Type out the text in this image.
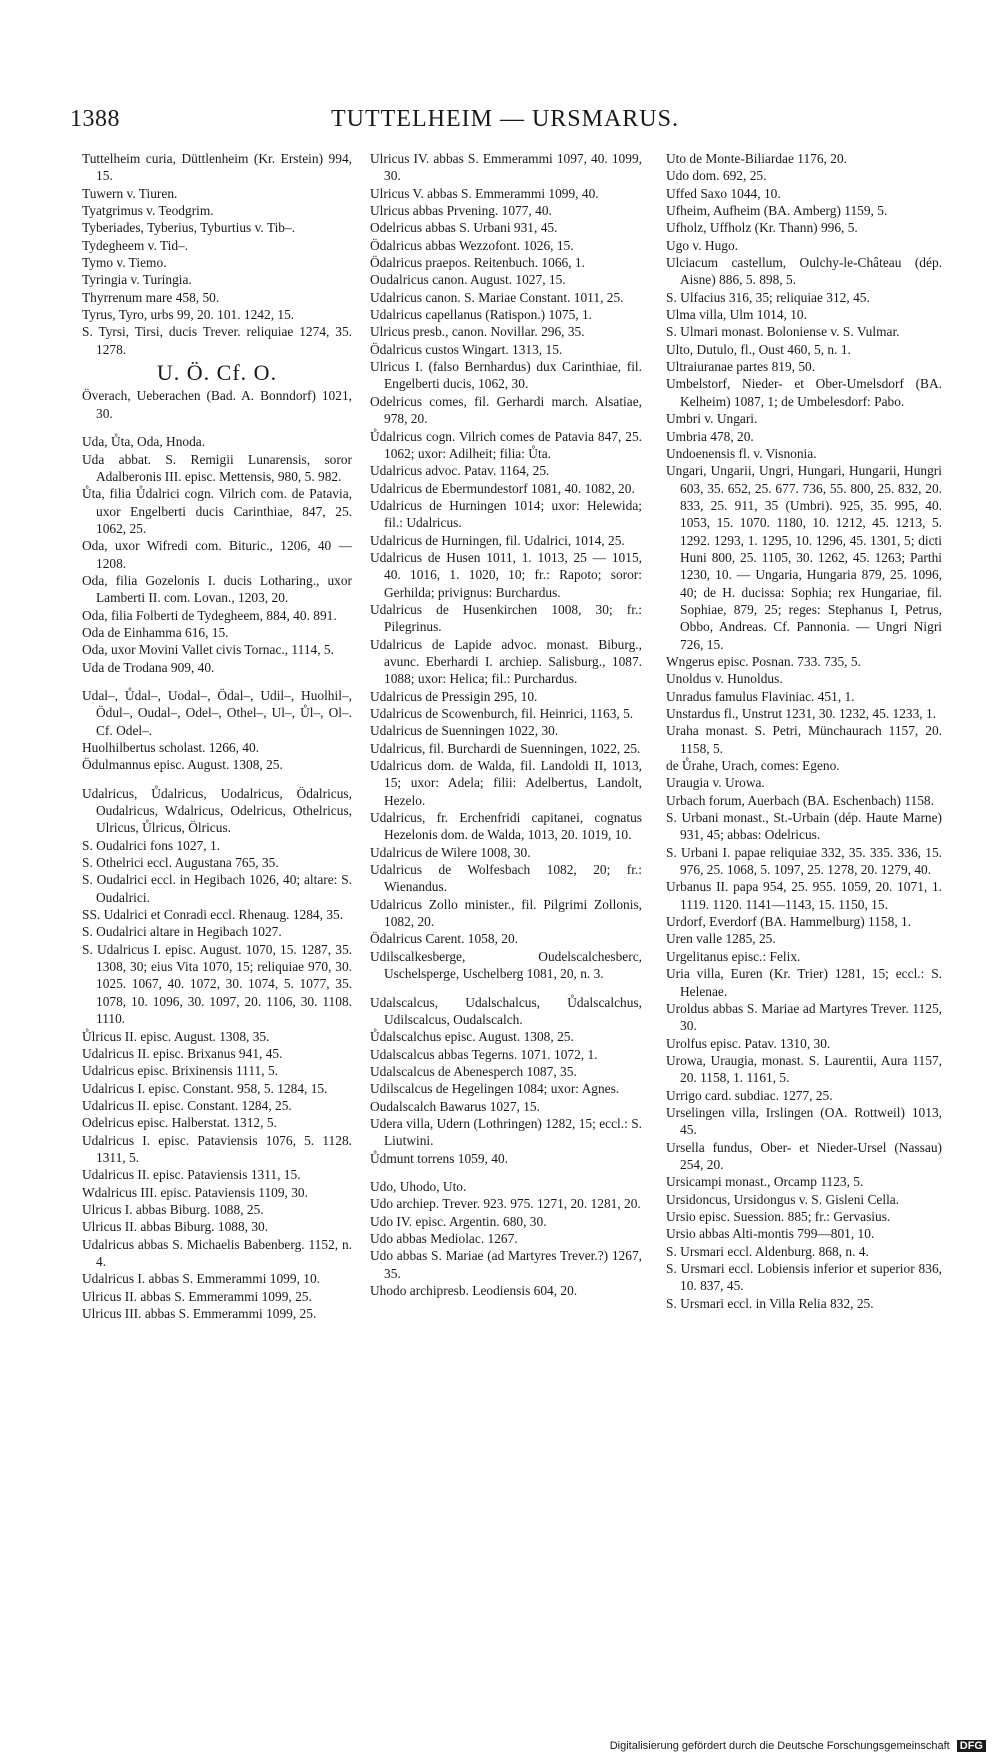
1388	TUTTELHEIM — URSMARUS.

Tuttelheim curia, Düttlenheim (Kr. Erstein) 994, 15.

Tuwern v. Tiuren.

Tyatgrimus v. Teodgrim.

Tyberiades, Tyberius, Tyburtius v. Tib–.

Tydegheem v. Tid–.

Tymo v. Tiemo.

Tyringia v. Turingia.

Thyrrenum mare 458, 50.

Tyrus, Tyro, urbs 99, 20. 101. 1242, 15.

S. Tyrsi, Tirsi, ducis Trever. reliquiae 1274, 35. 1278.

U. Ö. Cf. O.

Överach, Ueberachen (Bad. A. Bonndorf) 1021, 30.

Uda, Ůta, Oda, Hnoda.

Uda abbat. S. Remigii Lunarensis, soror Adalberonis III. episc. Mettensis, 980, 5. 982.

Ůta, filia Ůdalrici cogn. Vilrich com. de Patavia, uxor Engelberti ducis Carinthiae, 847, 25. 1062, 25.

Oda, uxor Wifredi com. Bituric., 1206, 40 —1208.

Oda, filia Gozelonis I. ducis Lotharing., uxor Lamberti II. com. Lovan., 1203, 20.

Oda, filia Folberti de Tydegheem, 884, 40. 891.

Oda de Einhamma 616, 15.

Oda, uxor Movini Vallet civis Tornac., 1114, 5.

Uda de Trodana 909, 40.

Udal–, Ůdal–, Uodal–, Ödal–, Udil–, Huolhil–, Ödul–, Oudal–, Odel–, Othel–, Ul–, Ůl–, Ol–. Cf. Odel–.

Huolhilbertus scholast. 1266, 40.

Ödulmannus episc. August. 1308, 25.

Udalricus, Ůdalricus, Uodalricus, Ödalricus, Oudalricus, Wdalricus, Odelricus, Othelricus, Ulricus, Ůlricus, Ölricus.

S. Oudalrici fons 1027, 1.

S. Othelrici eccl. Augustana 765, 35.

S. Oudalrici eccl. in Hegibach 1026, 40; altare: S. Oudalrici.

SS. Udalrici et Conradi eccl. Rhenaug. 1284, 35.

S. Oudalrici altare in Hegibach 1027.

S. Udalricus I. episc. August. 1070, 15. 1287, 35. 1308, 30; eius Vita 1070, 15; reliquiae 970, 30. 1025. 1067, 40. 1072, 30. 1074, 5. 1077, 35. 1078, 10. 1096, 30. 1097, 20. 1106, 30. 1108. 1110.

Ůlricus II. episc. August. 1308, 35.

Udalricus II. episc. Brixanus 941, 45.

Udalricus episc. Brixinensis 1111, 5.

Udalricus I. episc. Constant. 958, 5. 1284, 15.

Udalricus II. episc. Constant. 1284, 25.

Odelricus episc. Halberstat. 1312, 5.

Udalricus I. episc. Pataviensis 1076, 5. 1128. 1311, 5.

Udalricus II. episc. Pataviensis 1311, 15.

Wdalricus III. episc. Pataviensis 1109, 30.

Ulricus I. abbas Biburg. 1088, 25.

Ulricus II. abbas Biburg. 1088, 30.

Udalricus abbas S. Michaelis Babenberg. 1152, n. 4.

Udalricus I. abbas S. Emmerammi 1099, 10.

Ulricus II. abbas S. Emmerammi 1099, 25.

Ulricus III. abbas S. Emmerammi 1099, 25.

Ulricus IV. abbas S. Emmerammi 1097, 40. 1099, 30.

Ulricus V. abbas S. Emmerammi 1099, 40.

Ulricus abbas Prvening. 1077, 40.

Odelricus abbas S. Urbani 931, 45.

Ödalricus abbas Wezzofont. 1026, 15.

Ödalricus praepos. Reitenbuch. 1066, 1.

Oudalricus canon. August. 1027, 15.

Udalricus canon. S. Mariae Constant. 1011, 25.

Udalricus capellanus (Ratispon.) 1075, 1.

Ulricus presb., canon. Novillar. 296, 35.

Ödalricus custos Wingart. 1313, 15.

Ulricus I. (falso Bernhardus) dux Carinthiae, fil. Engelberti ducis, 1062, 30.

Odelricus comes, fil. Gerhardi march. Alsatiae, 978, 20.

Ůdalricus cogn. Vilrich comes de Patavia 847, 25. 1062; uxor: Adilheit; filia: Ůta.

Udalricus advoc. Patav. 1164, 25.

Udalricus de Ebermundestorf 1081, 40. 1082, 20.

Udalricus de Hurningen 1014; uxor: Helewida; fil.: Udalricus.

Udalricus de Hurningen, fil. Udalrici, 1014, 25.

Udalricus de Husen 1011, 1. 1013, 25 — 1015, 40. 1016, 1. 1020, 10; fr.: Rapoto; soror: Gerhilda; privignus: Burchardus.

Udalricus de Husenkirchen 1008, 30; fr.: Pilegrinus.

Udalricus de Lapide advoc. monast. Biburg., avunc. Eberhardi I. archiep. Salisburg., 1087. 1088; uxor: Helica; fil.: Purchardus.

Udalricus de Pressigin 295, 10.

Udalricus de Scowenburch, fil. Heinrici, 1163, 5.

Udalricus de Suenningen 1022, 30.

Udalricus, fil. Burchardi de Suenningen, 1022, 25.

Udalricus dom. de Walda, fil. Landoldi II, 1013, 15; uxor: Adela; filii: Adelbertus, Landolt, Hezelo.

Udalricus, fr. Erchenfridi capitanei, cognatus Hezelonis dom. de Walda, 1013, 20. 1019, 10.

Udalricus de Wilere 1008, 30.

Udalricus de Wolfesbach 1082, 20; fr.: Wienandus.

Udalricus Zollo minister., fil. Pilgrimi Zollonis, 1082, 20.

Ödalricus Carent. 1058, 20.

Udilscalkesberge, Oudelscalchesberc, Uschelsperge, Uschelberg 1081, 20, n. 3.

Udalscalcus, Udalschalcus, Ůdalscalchus, Udilscalcus, Oudalscalch.

Ůdalscalchus episc. August. 1308, 25.

Udalscalcus abbas Tegerns. 1071. 1072, 1.

Udalscalcus de Abenesperch 1087, 35.

Udilscalcus de Hegelingen 1084; uxor: Agnes.

Oudalscalch Bawarus 1027, 15.

Udera villa, Udern (Lothringen) 1282, 15; eccl.: S. Liutwini.

Ůdmunt torrens 1059, 40.

Udo, Uhodo, Uto.

Udo archiep. Trever. 923. 975. 1271, 20. 1281, 20.

Udo IV. episc. Argentin. 680, 30.

Udo abbas Mediolac. 1267.

Udo abbas S. Mariae (ad Martyres Trever.?) 1267, 35.

Uhodo archipresb. Leodiensis 604, 20.

Uto de Monte-Biliardae 1176, 20.

Udo dom. 692, 25.

Uffed Saxo 1044, 10.

Ufheim, Aufheim (BA. Amberg) 1159, 5.

Ufholz, Uffholz (Kr. Thann) 996, 5.

Ugo v. Hugo.

Ulciacum castellum, Oulchy-le-Château (dép. Aisne) 886, 5. 898, 5.

S. Ulfacius 316, 35; reliquiae 312, 45.

Ulma villa, Ulm 1014, 10.

S. Ulmari monast. Boloniense v. S. Vulmar.

Ulto, Dutulo, fl., Oust 460, 5, n. 1.

Ultraiuranae partes 819, 50.

Umbelstorf, Nieder- et Ober-Umelsdorf (BA. Kelheim) 1087, 1; de Umbelesdorf: Pabo.

Umbri v. Ungari.

Umbria 478, 20.

Undoenensis fl. v. Visnonia.

Ungari, Ungarii, Ungri, Hungari, Hungarii, Hungri 603, 35. 652, 25. 677. 736, 55. 800, 25. 832, 20. 833, 25. 911, 35 (Umbri). 925, 35. 995, 40. 1053, 15. 1070. 1180, 10. 1212, 45. 1213, 5. 1292. 1293, 1. 1295, 10. 1296, 45. 1301, 5; dicti Huni 800, 25. 1105, 30. 1262, 45. 1263; Parthi 1230, 10. — Ungaria, Hungaria 879, 25. 1096, 40; de H. ducissa: Sophia; rex Hungariae, fil. Sophiae, 879, 25; reges: Stephanus I, Petrus, Obbo, Andreas. Cf. Pannonia. — Ungri Nigri 726, 15.

Wngerus episc. Posnan. 733. 735, 5.

Unoldus v. Hunoldus.

Unradus famulus Flaviniac. 451, 1.

Unstardus fl., Unstrut 1231, 30. 1232, 45. 1233, 1.

Uraha monast. S. Petri, Münchaurach 1157, 20. 1158, 5.

de Ůrahe, Urach, comes: Egeno.

Uraugia v. Urowa.

Urbach forum, Auerbach (BA. Eschenbach) 1158.

S. Urbani monast., St.-Urbain (dép. Haute Marne) 931, 45; abbas: Odelricus.

S. Urbani I. papae reliquiae 332, 35. 335. 336, 15. 976, 25. 1068, 5. 1097, 25. 1278, 20. 1279, 40.

Urbanus II. papa 954, 25. 955. 1059, 20. 1071, 1. 1119. 1120. 1141—1143, 15. 1150, 15.

Urdorf, Everdorf (BA. Hammelburg) 1158, 1.

Uren valle 1285, 25.

Urgelitanus episc.: Felix.

Uria villa, Euren (Kr. Trier) 1281, 15; eccl.: S. Helenae.

Uroldus abbas S. Mariae ad Martyres Trever. 1125, 30.

Urolfus episc. Patav. 1310, 30.

Urowa, Uraugia, monast. S. Laurentii, Aura 1157, 20. 1158, 1. 1161, 5.

Urrigo card. subdiac. 1277, 25.

Urselingen villa, Irslingen (OA. Rottweil) 1013, 45.

Ursella fundus, Ober- et Nieder-Ursel (Nassau) 254, 20.

Ursicampi monast., Orcamp 1123, 5.

Ursidoncus, Ursidongus v. S. Gisleni Cella.

Ursio episc. Suession. 885; fr.: Gervasius.

Ursio abbas Alti-montis 799—801, 10.

S. Ursmari eccl. Aldenburg. 868, n. 4.

S. Ursmari eccl. Lobiensis inferior et superior 836, 10. 837, 45.

S. Ursmari eccl. in Villa Relia 832, 25.

Digitalisierung gefördert durch die Deutsche Forschungsgemeinschaft DFG
